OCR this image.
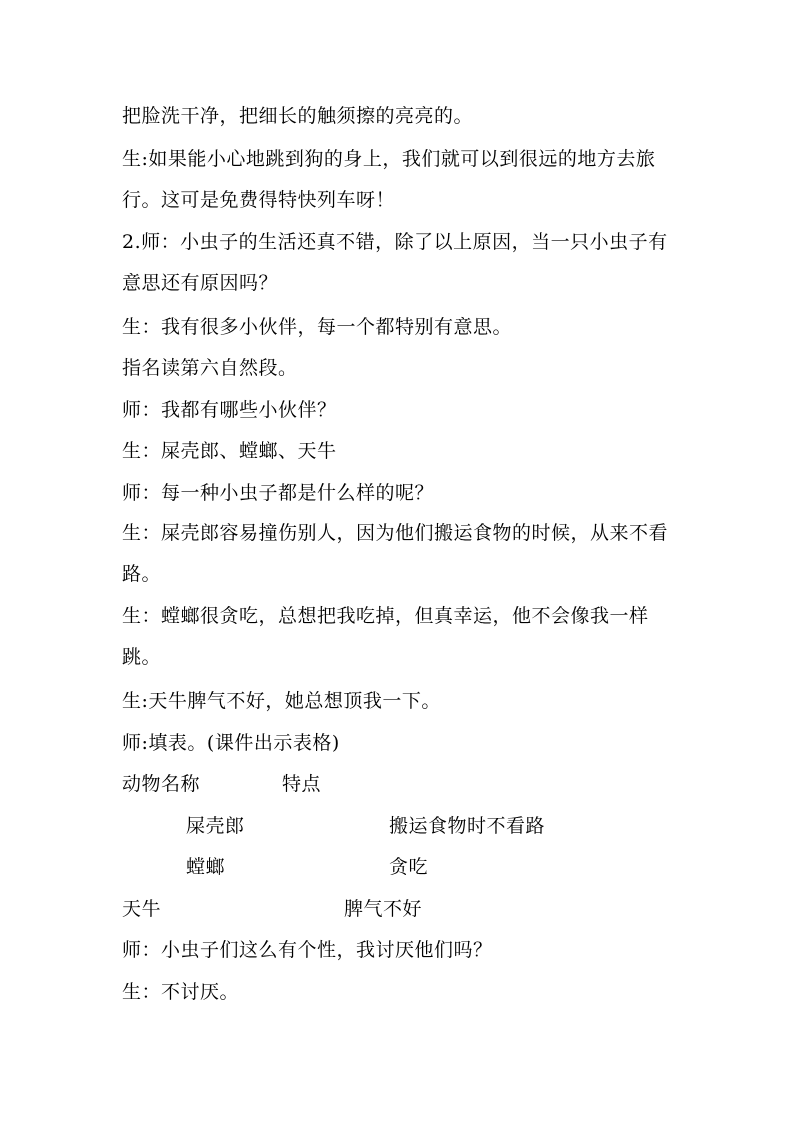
把脸洗干净，把细长的触须擦的亮亮的。
生:如果能小心地跳到狗的身上，我们就可以到很远的地方去旅行。这可是免费得特快列车呀！
2.师：小虫子的生活还真不错，除了以上原因，当一只小虫子有意思还有原因吗？
生：我有很多小伙伴，每一个都特别有意思。
指名读第六自然段。
师：我都有哪些小伙伴？
生：屎壳郎、螳螂、天牛
师：每一种小虫子都是什么样的呢？
生：屎壳郎容易撞伤别人，因为他们搬运食物的时候，从来不看路。
生：螳螂很贪吃，总想把我吃掉，但真幸运，他不会像我一样跳。
生:天牛脾气不好，她总想顶我一下。
师:填表。(课件出示表格)
动物名称	特点
屎壳郎	搬运食物时不看路
螳螂	贪吃
天牛	脾气不好
师：小虫子们这么有个性，我讨厌他们吗？
生：不讨厌。
